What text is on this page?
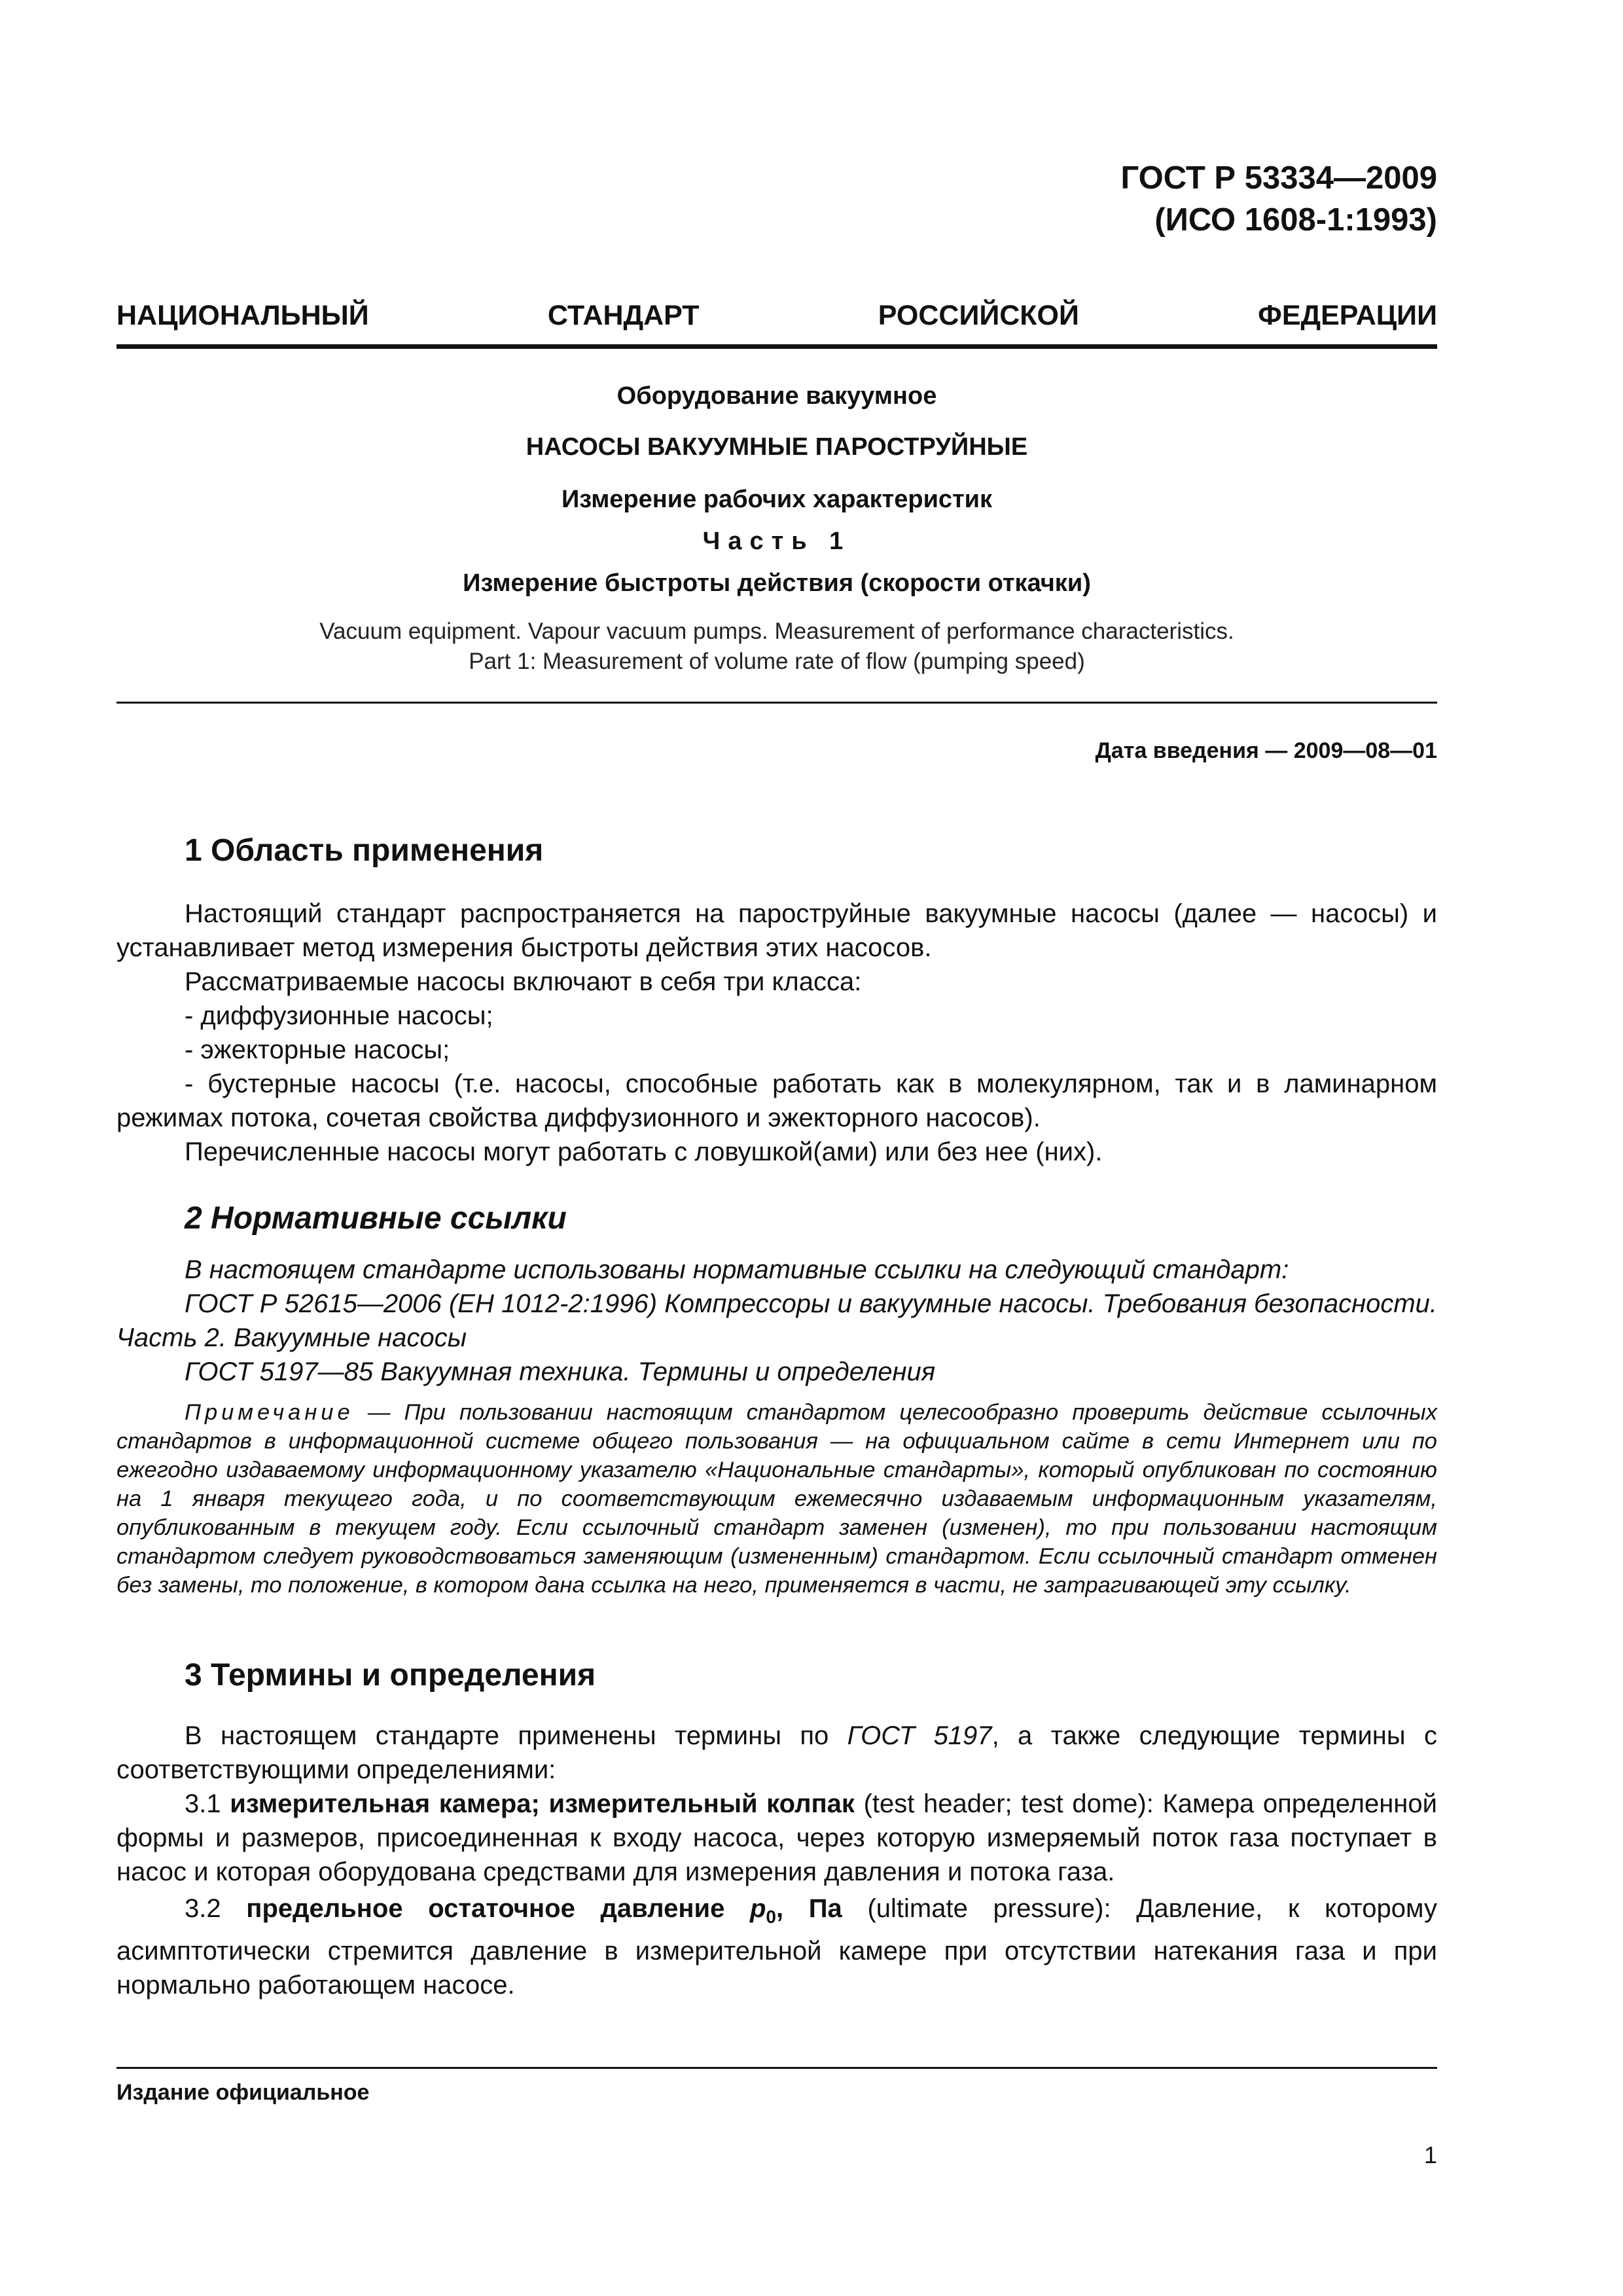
ГОСТ Р 53334—2009
(ИСО 1608-1:1993)
НАЦИОНАЛЬНЫЙ СТАНДАРТ РОССИЙСКОЙ ФЕДЕРАЦИИ
Оборудование вакуумное
НАСОСЫ ВАКУУМНЫЕ ПАРОСТРУЙНЫЕ
Измерение рабочих характеристик
Часть 1
Измерение быстроты действия (скорости откачки)
Vacuum equipment. Vapour vacuum pumps. Measurement of performance characteristics.
Part 1: Measurement of volume rate of flow (pumping speed)
Дата введения — 2009—08—01
1 Область применения
Настоящий стандарт распространяется на пароструйные вакуумные насосы (далее — насосы) и устанавливает метод измерения быстроты действия этих насосов.
Рассматриваемые насосы включают в себя три класса:
- диффузионные насосы;
- эжекторные насосы;
- бустерные насосы (т.е. насосы, способные работать как в молекулярном, так и в ламинарном режимах потока, сочетая свойства диффузионного и эжекторного насосов).
Перечисленные насосы могут работать с ловушкой(ами) или без нее (них).
2 Нормативные ссылки
В настоящем стандарте использованы нормативные ссылки на следующий стандарт:
ГОСТ Р 52615—2006 (ЕН 1012-2:1996) Компрессоры и вакуумные насосы. Требования безопасности. Часть 2. Вакуумные насосы
ГОСТ 5197—85 Вакуумная техника. Термины и определения
Примечание — При пользовании настоящим стандартом целесообразно проверить действие ссылочных стандартов в информационной системе общего пользования — на официальном сайте в сети Интернет или по ежегодно издаваемому информационному указателю «Национальные стандарты», который опубликован по состоянию на 1 января текущего года, и по соответствующим ежемесячно издаваемым информационным указателям, опубликованным в текущем году. Если ссылочный стандарт заменен (изменен), то при пользовании настоящим стандартом следует руководствоваться заменяющим (измененным) стандартом. Если ссылочный стандарт отменен без замены, то положение, в котором дана ссылка на него, применяется в части, не затрагивающей эту ссылку.
3 Термины и определения
В настоящем стандарте применены термины по ГОСТ 5197, а также следующие термины с соответствующими определениями:
3.1 измерительная камера; измерительный колпак (test header; test dome): Камера определенной формы и размеров, присоединенная к входу насоса, через которую измеряемый поток газа поступает в насос и которая оборудована средствами для измерения давления и потока газа.
3.2 предельное остаточное давление $p_0$, Па (ultimate pressure): Давление, к которому асимптотически стремится давление в измерительной камере при отсутствии натекания газа и при нормально работающем насосе.
Издание официальное
1
